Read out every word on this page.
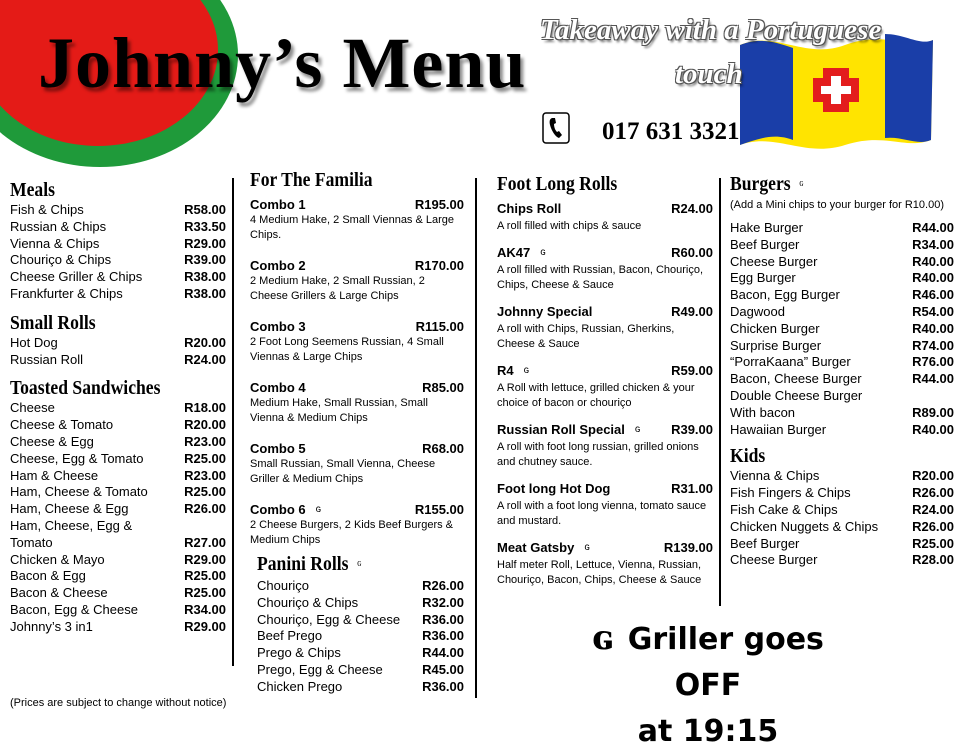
Johnny’s Menu Takeaway with a Portuguese
touch
017 631 3321
Meals
Fish & Chips	R58.00
Russian & Chips	R33.50
Vienna & Chips	R29.00
Chouriço & Chips	R39.00
Cheese Griller & Chips	R38.00
Frankfurter & Chips	R38.00
Small Rolls
Hot Dog	R20.00
Russian Roll	R24.00
Toasted Sandwiches
Cheese	R18.00
Cheese & Tomato	R20.00
Cheese & Egg	R23.00
Cheese, Egg & Tomato	R25.00
Ham & Cheese	R23.00
Ham, Cheese & Tomato	R25.00
Ham, Cheese & Egg	R26.00
Ham, Cheese, Egg & Tomato	R27.00
Chicken & Mayo	R29.00
Bacon & Egg	R25.00
Bacon & Cheese	R25.00
Bacon, Egg & Cheese	R34.00
Johnny’s 3 in1	R29.00
For The Familia
Combo 1	R195.00
4 Medium Hake, 2 Small Viennas & Large Chips.
Combo 2	R170.00
2 Medium Hake, 2 Small Russian, 2 Cheese Grillers & Large Chips
Combo 3	R115.00
2 Foot Long Seemens Russian, 4 Small Viennas & Large Chips
Combo 4	R85.00
Medium Hake, Small Russian, Small Vienna & Medium Chips
Combo 5	R68.00
Small Russian, Small Vienna, Cheese Griller & Medium Chips
Combo 6 ɢ	R155.00
2 Cheese Burgers, 2 Kids Beef Burgers & Medium Chips
Panini Rolls ɢ
Chouriço	R26.00
Chouriço & Chips	R32.00
Chouriço, Egg & Cheese R36.00
Beef Prego	R36.00
Prego & Chips	R44.00
Prego, Egg & Cheese	R45.00
Chicken Prego	R36.00
Foot Long Rolls
Chips Roll	R24.00
A roll filled with chips & sauce
AK47 ɢ	R60.00
A roll filled with Russian, Bacon, Chouriço, Chips, Cheese & Sauce
Johnny Special	R49.00
A roll with Chips, Russian, Gherkins, Cheese & Sauce
R4 ɢ	R59.00
A Roll with lettuce, grilled chicken & your choice of bacon or chouriço
Russian Roll Special ɢ R39.00
A roll with foot long russian, grilled onions and chutney sauce.
Foot long Hot Dog	R31.00
A roll with a foot long vienna, tomato sauce and mustard.
Meat Gatsby ɢ	R139.00
Half meter Roll, Lettuce, Vienna, Russian, Chouriço, Bacon, Chips, Cheese & Sauce
Burgers ɢ
(Add a Mini chips to your burger for R10.00)
Hake Burger	R44.00
Beef Burger	R34.00
Cheese Burger	R40.00
Egg Burger	R40.00
Bacon, Egg Burger	R46.00
Dagwood	R54.00
Chicken Burger	R40.00
Surprise Burger	R74.00
“PorraKaana” Burger	R76.00
Bacon, Cheese Burger	R44.00
Double Cheese Burger
With bacon	R89.00
Hawaiian Burger	R40.00
Kids
Vienna & Chips	R20.00
Fish Fingers & Chips	R26.00
Fish Cake & Chips	R24.00
Chicken Nuggets & Chips	R26.00
Beef Burger	R25.00
Cheese Burger	R28.00
ɢ Griller goes OFF
at 19:15
(Prices are subject to change without notice)
